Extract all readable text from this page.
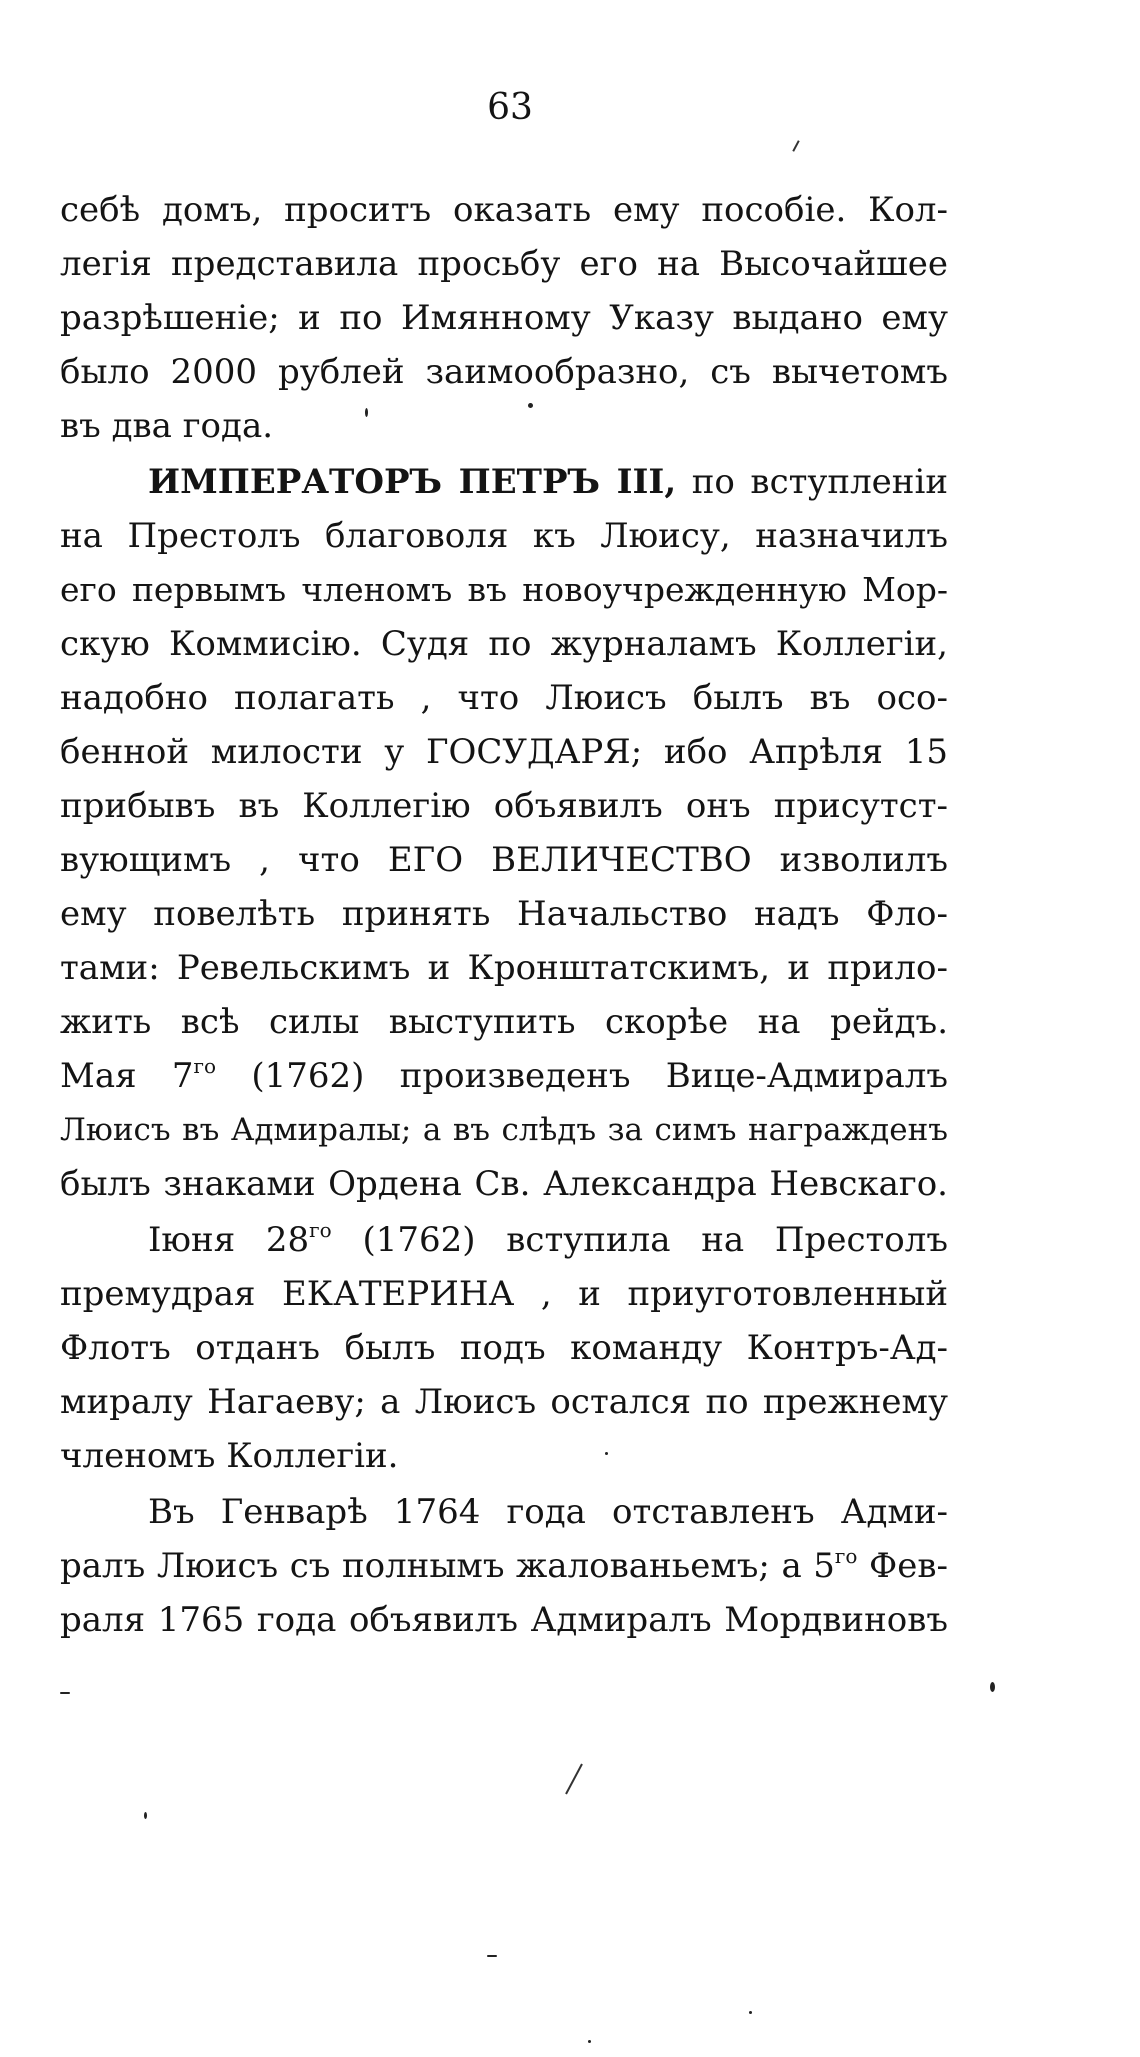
63
себѣ домъ, проситъ оказать ему пособіе. Кол-
легія представила просьбу его на Высочайшее
разрѣшеніе; и по Имянному Указу выдано ему
было 2000 рублей заимообразно, съ вычетомъ
въ два года.
ИМПЕРАТОРЪ ПЕТРЪ III, по вступленіи
на Престолъ благоволя къ Люису, назначилъ
его первымъ членомъ въ новоучрежденную Мор-
скую Коммисію. Судя по журналамъ Коллегіи,
надобно полагать , что Люисъ былъ въ осо-
бенной милости у ГОСУДАРЯ; ибо Апрѣля 15
прибывъ въ Коллегію объявилъ онъ присутст-
вующимъ , что ЕГО ВЕЛИЧЕСТВО изволилъ
ему повелѣть принять Начальство надъ Фло-
тами: Ревельскимъ и Кронштатскимъ, и прило-
жить всѣ силы выступить скорѣе на рейдъ.
Мая $7^{го}$ (1762) произведенъ Вице-Адмиралъ
Люисъ въ Адмиралы; а въ слѣдъ за симъ награжденъ
былъ знаками Ордена Св. Александра Невскаго.
Іюня $28^{го}$ (1762) вступила на Престолъ
премудрая ЕКАТЕРИНА , и приуготовленный
Флотъ отданъ былъ подъ команду Контръ-Ад-
миралу Нагаеву; а Люисъ остался по прежнему
членомъ Коллегіи.
Въ Генварѣ 1764 года отставленъ Адми-
ралъ Люисъ съ полнымъ жалованьемъ; а $5^{го}$ Фев-
раля 1765 года объявилъ Адмиралъ Мордвиновъ
